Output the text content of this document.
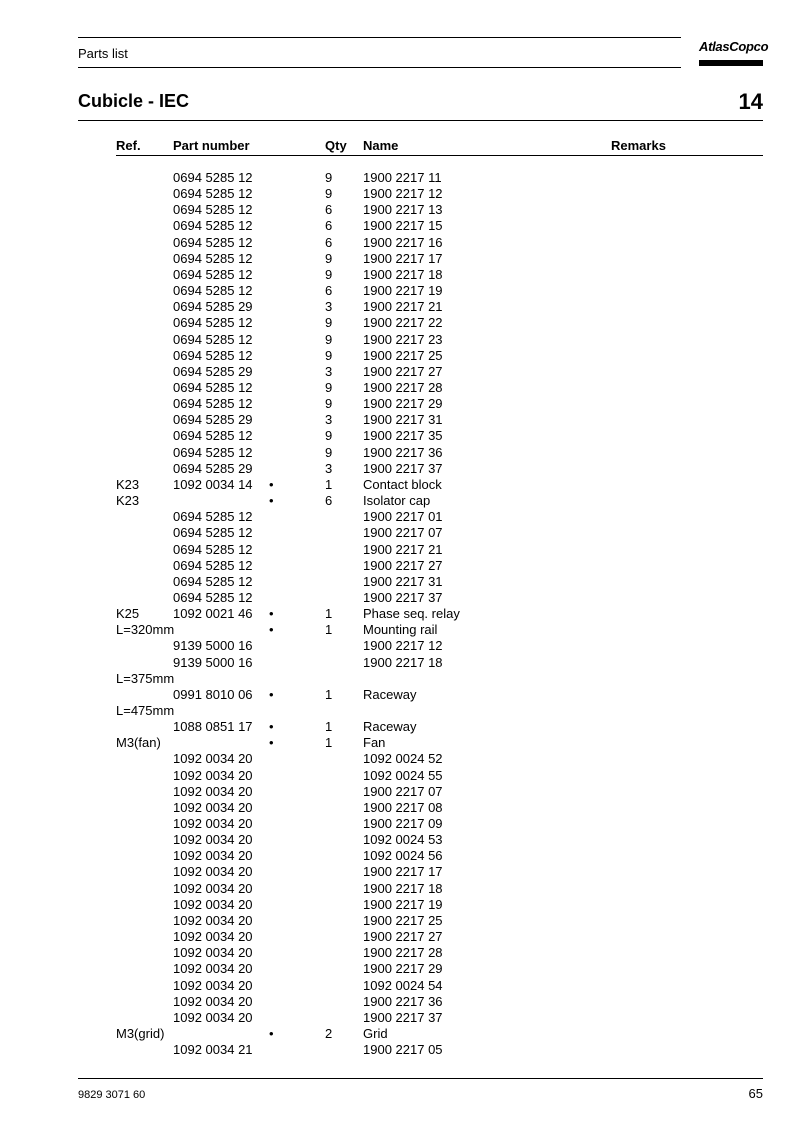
Parts list	AtlasCopco
Cubicle - IEC	14
Ref. Part number	Qty Name	Remarks
0694 5285 12	9 1900 2217 11
0694 5285 12	9 1900 2217 12
0694 5285 12	6 1900 2217 13
0694 5285 12	6 1900 2217 15
0694 5285 12	6 1900 2217 16
0694 5285 12	9 1900 2217 17
0694 5285 12	9 1900 2217 18
0694 5285 12	6 1900 2217 19
0694 5285 29	3 1900 2217 21
0694 5285 12	9 1900 2217 22
0694 5285 12	9 1900 2217 23
0694 5285 12	9 1900 2217 25
0694 5285 29	3 1900 2217 27
0694 5285 12	9 1900 2217 28
0694 5285 12	9 1900 2217 29
0694 5285 29	3 1900 2217 31
0694 5285 12	9 1900 2217 35
0694 5285 12	9 1900 2217 36
0694 5285 29	3 1900 2217 37
K23	1092 0034 14 •	1 Contact block
K23	•	6 Isolator cap
0694 5285 12	1900 2217 01
0694 5285 12	1900 2217 07
0694 5285 12	1900 2217 21
0694 5285 12	1900 2217 27
0694 5285 12	1900 2217 31
0694 5285 12	1900 2217 37
K25	1092 0021 46 •	1 Phase seq. relay
L=320mm	•	1 Mounting rail
9139 5000 16	1900 2217 12
9139 5000 16	1900 2217 18
L=375mm
0991 8010 06 •	1 Raceway
L=475mm
1088 0851 17 •	1 Raceway
M3(fan)	•	1 Fan
1092 0034 20	1092 0024 52
1092 0034 20	1092 0024 55
1092 0034 20	1900 2217 07
1092 0034 20	1900 2217 08
1092 0034 20	1900 2217 09
1092 0034 20	1092 0024 53
1092 0034 20	1092 0024 56
1092 0034 20	1900 2217 17
1092 0034 20	1900 2217 18
1092 0034 20	1900 2217 19
1092 0034 20	1900 2217 25
1092 0034 20	1900 2217 27
1092 0034 20	1900 2217 28
1092 0034 20	1900 2217 29
1092 0034 20	1092 0024 54
1092 0034 20	1900 2217 36
1092 0034 20	1900 2217 37
M3(grid)	•	2 Grid
1092 0034 21	1900 2217 05
9829 3071 60	65
